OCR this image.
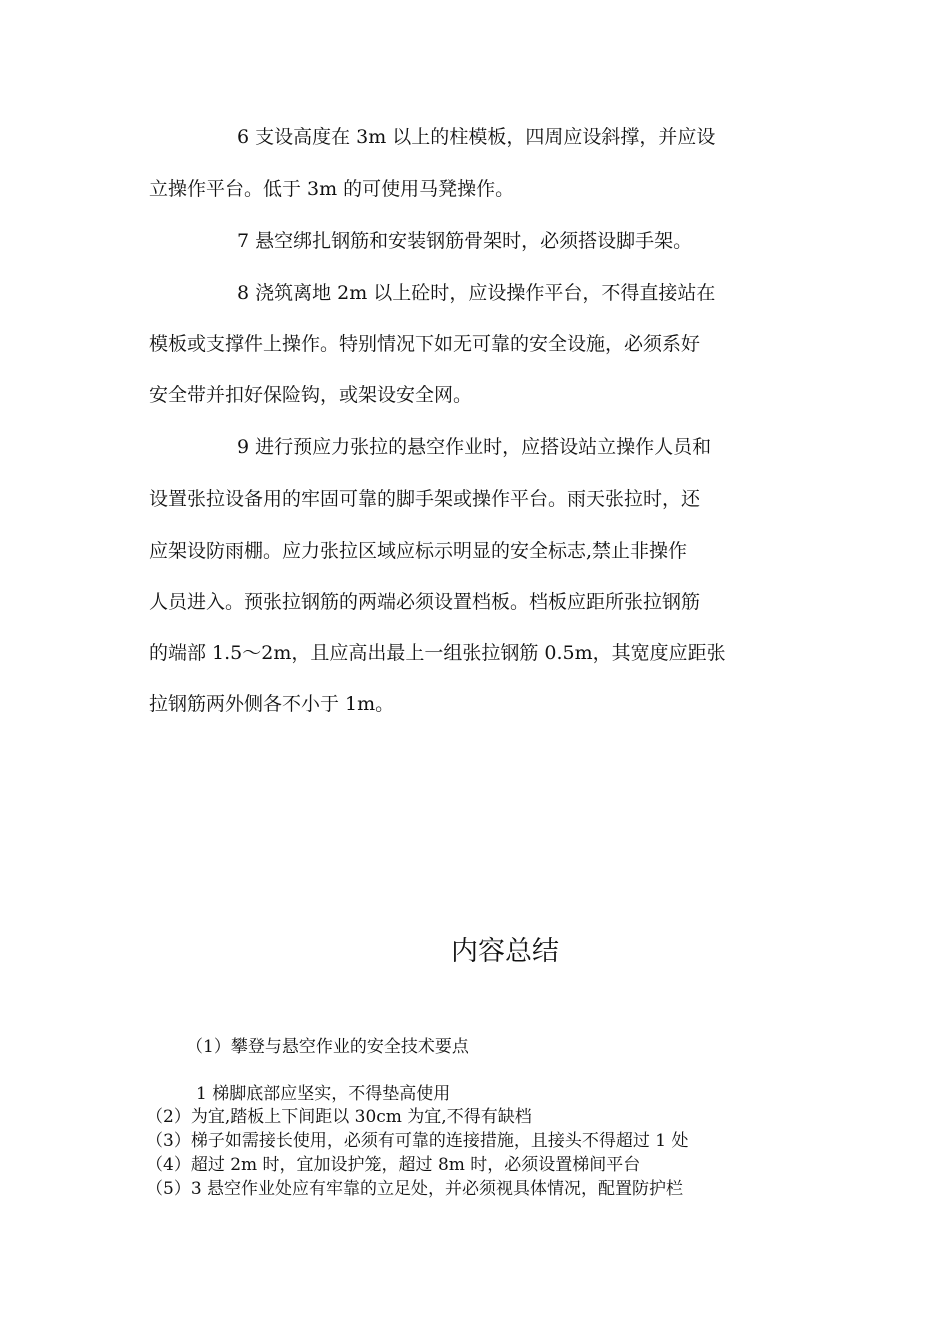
6 支设高度在 3m 以上的柱模板，四周应设斜撑，并应设
立操作平台。低于 3m 的可使用马凳操作。
7 悬空绑扎钢筋和安装钢筋骨架时，必须搭设脚手架。
8 浇筑离地 2m 以上砼时，应设操作平台，不得直接站在
模板或支撑件上操作。特别情况下如无可靠的安全设施，必须系好
安全带并扣好保险钩，或架设安全网。
9 进行预应力张拉的悬空作业时，应搭设站立操作人员和
设置张拉设备用的牢固可靠的脚手架或操作平台。雨天张拉时，还
应架设防雨棚。应力张拉区域应标示明显的安全标志,禁止非操作
人员进入。预张拉钢筋的两端必须设置档板。档板应距所张拉钢筋
的端部 1.5～2m，且应高出最上一组张拉钢筋 0.5m，其宽度应距张
拉钢筋两外侧各不小于 1m。
内容总结
（1）攀登与悬空作业的安全技术要点
1 梯脚底部应坚实，不得垫高使用
（2）为宜,踏板上下间距以 30cm 为宜,不得有缺档
（3）梯子如需接长使用，必须有可靠的连接措施，且接头不得超过 1 处
（4）超过 2m 时，宜加设护笼，超过 8m 时，必须设置梯间平台
（5）3 悬空作业处应有牢靠的立足处，并必须视具体情况，配置防护栏
